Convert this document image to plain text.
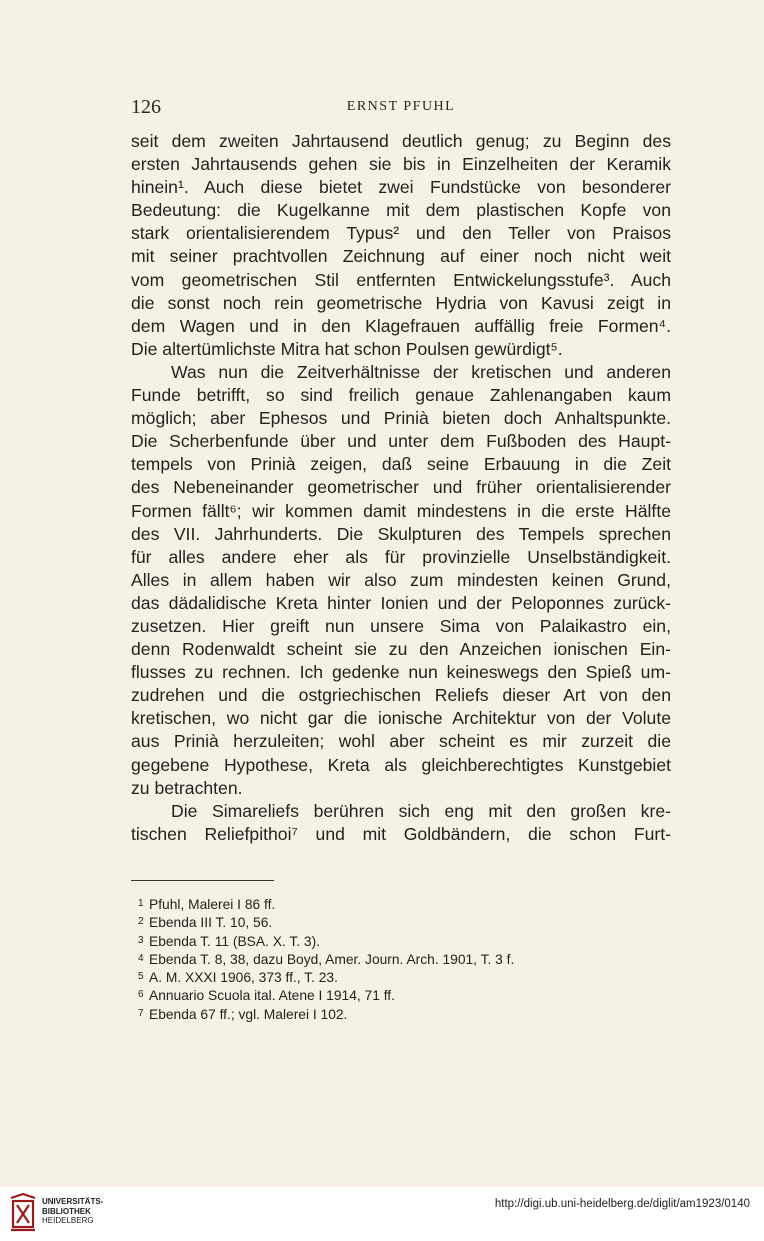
126	ERNST PFUHL
seit dem zweiten Jahrtausend deutlich genug; zu Beginn des
ersten Jahrtausends gehen sie bis in Einzelheiten der Keramik
hinein¹. Auch diese bietet zwei Fundstücke von besonderer
Bedeutung: die Kugelkanne mit dem plastischen Kopfe von
stark orientalisierendem Typus² und den Teller von Praisos
mit seiner prachtvollen Zeichnung auf einer noch nicht weit
vom geometrischen Stil entfernten Entwickelungsstufe³. Auch
die sonst noch rein geometrische Hydria von Kavusi zeigt in
dem Wagen und in den Klagefrauen auffällig freie Formen⁴.
Die altertümlichste Mitra hat schon Poulsen gewürdigt⁵.
Was nun die Zeitverhältnisse der kretischen und anderen
Funde betrifft, so sind freilich genaue Zahlenangaben kaum
möglich; aber Ephesos und Prinià bieten doch Anhaltspunkte.
Die Scherbenfunde über und unter dem Fußboden des Haupt-
tempels von Prinià zeigen, daß seine Erbauung in die Zeit
des Nebeneinander geometrischer und früher orientalisierender
Formen fällt⁶; wir kommen damit mindestens in die erste Hälfte
des VII. Jahrhunderts. Die Skulpturen des Tempels sprechen
für alles andere eher als für provinzielle Unselbständigkeit.
Alles in allem haben wir also zum mindesten keinen Grund,
das dädalidische Kreta hinter Ionien und der Peloponnes zurück-
zusetzen. Hier greift nun unsere Sima von Palaikastro ein,
denn Rodenwaldt scheint sie zu den Anzeichen ionischen Ein-
flusses zu rechnen. Ich gedenke nun keineswegs den Spieß um-
zudrehen und die ostgriechischen Reliefs dieser Art von den
kretischen, wo nicht gar die ionische Architektur von der Volute
aus Prinià herzuleiten; wohl aber scheint es mir zurzeit die
gegebene Hypothese, Kreta als gleichberechtigtes Kunstgebiet
zu betrachten.
Die Simareliefs berühren sich eng mit den großen kre-
tischen Reliefpithoi⁷ und mit Goldbändern, die schon Furt-
1 Pfuhl, Malerei I 86 ff.
2 Ebenda III T. 10, 56.
3 Ebenda T. 11 (BSA. X. T. 3).
4 Ebenda T. 8, 38, dazu Boyd, Amer. Journ. Arch. 1901, T. 3 f.
5 A. M. XXXI 1906, 373 ff., T. 23.
6 Annuario Scuola ital. Atene I 1914, 71 ff.
7 Ebenda 67 ff.; vgl. Malerei I 102.
UNIVERSITÄTS-
BIBLIOTHEK
HEIDELBERG
http://digi.ub.uni-heidelberg.de/diglit/am1923/0140
